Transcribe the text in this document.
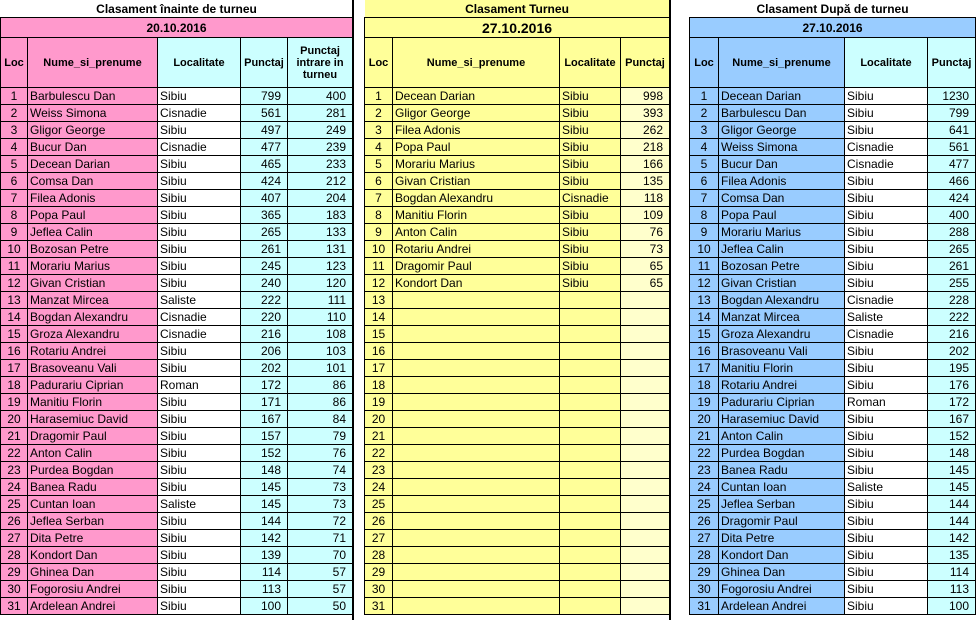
Clasament înainte de turneu				
20.10.2016				
Loc	Nume_si_prenume	Localitate	Punctaj	Punctaj intrare in turneu
1	Barbulescu Dan	Sibiu	799	400
2	Weiss Simona	Cisnadie	561	281
3	Gligor George	Sibiu	497	249
4	Bucur Dan	Cisnadie	477	239
5	Decean Darian	Sibiu	465	233
6	Comsa Dan	Sibiu	424	212
7	Filea Adonis	Sibiu	407	204
8	Popa Paul	Sibiu	365	183
9	Jeflea Calin	Sibiu	265	133
10	Bozosan Petre	Sibiu	261	131
11	Morariu Marius	Sibiu	245	123
12	Givan Cristian	Sibiu	240	120
13	Manzat Mircea	Saliste	222	111
14	Bogdan Alexandru	Cisnadie	220	110
15	Groza Alexandru	Cisnadie	216	108
16	Rotariu Andrei	Sibiu	206	103
17	Brasoveanu Vali	Sibiu	202	101
18	Padurariu Ciprian	Roman	172	86
19	Manitiu Florin	Sibiu	171	86
20	Harasemiuc David	Sibiu	167	84
21	Dragomir Paul	Sibiu	157	79
22	Anton Calin	Sibiu	152	76
23	Purdea Bogdan	Sibiu	148	74
24	Banea Radu	Sibiu	145	73
25	Cuntan Ioan	Saliste	145	73
26	Jeflea Serban	Sibiu	144	72
27	Dita Petre	Sibiu	142	71
28	Kondort Dan	Sibiu	139	70
29	Ghinea Dan	Sibiu	114	57
30	Fogorosiu Andrei	Sibiu	113	57
31	Ardelean Andrei	Sibiu	100	50
Clasament Turneu			
27.10.2016			
Loc	Nume_si_prenume	Localitate	Punctaj
1	Decean Darian	Sibiu	998
2	Gligor George	Sibiu	393
3	Filea Adonis	Sibiu	262
4	Popa Paul	Sibiu	218
5	Morariu Marius	Sibiu	166
6	Givan Cristian	Sibiu	135
7	Bogdan Alexandru	Cisnadie	118
8	Manitiu Florin	Sibiu	109
9	Anton Calin	Sibiu	76
10	Rotariu Andrei	Sibiu	73
11	Dragomir Paul	Sibiu	65
12	Kondort Dan	Sibiu	65
13			
14			
15			
16			
17			
18			
19			
20			
21			
22			
23			
24			
25			
26			
27			
28			
29			
30			
31			
Clasament După de turneu			
27.10.2016			
Loc	Nume_si_prenume	Localitate	Punctaj
1	Decean Darian	Sibiu	1230
2	Barbulescu Dan	Sibiu	799
3	Gligor George	Sibiu	641
4	Weiss Simona	Cisnadie	561
5	Bucur Dan	Cisnadie	477
6	Filea Adonis	Sibiu	466
7	Comsa Dan	Sibiu	424
8	Popa Paul	Sibiu	400
9	Morariu Marius	Sibiu	288
10	Jeflea Calin	Sibiu	265
11	Bozosan Petre	Sibiu	261
12	Givan Cristian	Sibiu	255
13	Bogdan Alexandru	Cisnadie	228
14	Manzat Mircea	Saliste	222
15	Groza Alexandru	Cisnadie	216
16	Brasoveanu Vali	Sibiu	202
17	Manitiu Florin	Sibiu	195
18	Rotariu Andrei	Sibiu	176
19	Padurariu Ciprian	Roman	172
20	Harasemiuc David	Sibiu	167
21	Anton Calin	Sibiu	152
22	Purdea Bogdan	Sibiu	148
23	Banea Radu	Sibiu	145
24	Cuntan Ioan	Saliste	145
25	Jeflea Serban	Sibiu	144
26	Dragomir Paul	Sibiu	144
27	Dita Petre	Sibiu	142
28	Kondort Dan	Sibiu	135
29	Ghinea Dan	Sibiu	114
30	Fogorosiu Andrei	Sibiu	113
31	Ardelean Andrei	Sibiu	100
